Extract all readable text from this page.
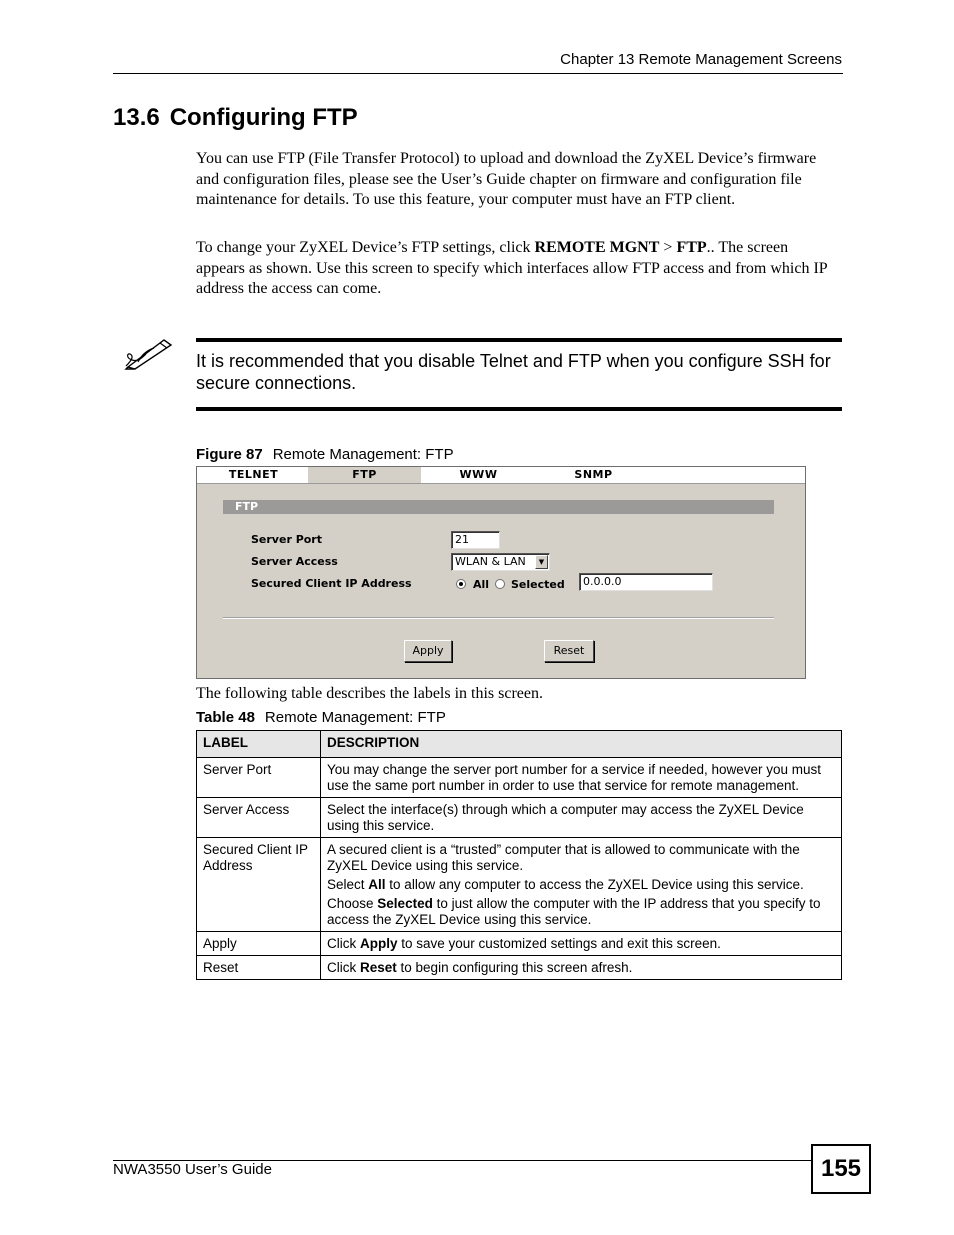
Chapter 13 Remote Management Screens
13.6 Configuring FTP

You can use FTP (File Transfer Protocol) to upload and download the ZyXEL Device’s firmware and configuration files, please see the User’s Guide chapter on firmware and configuration file maintenance for details. To use this feature, your computer must have an FTP client.

To change your ZyXEL Device’s FTP settings, click REMOTE MGNT > FTP.. The screen appears as shown. Use this screen to specify which interfaces allow FTP access and from which IP address the access can come.

It is recommended that you disable Telnet and FTP when you configure SSH for secure connections.

Figure 87 Remote Management: FTP
TELNET	FTP	WWW	SNMP
FTP
Server Port	21
Server Access	WLAN & LAN	▼
Secured Client IP Address	All Selected	0.0.0.0
Apply	Reset

The following table describes the labels in this screen.

Table 48 Remote Management: FTP
LABEL	DESCRIPTION
Server Port	You may change the server port number for a service if needed, however you must use the same port number in order to use that service for remote management.
Server Access	Select the interface(s) through which a computer may access the ZyXEL Device using this service.
Secured Client IP Address	A secured client is a “trusted” computer that is allowed to communicate with the ZyXEL Device using this service.

Select All to allow any computer to access the ZyXEL Device using this service.

Choose Selected to just allow the computer with the IP address that you specify to access the ZyXEL Device using this service.

Apply	Click Apply to save your customized settings and exit this screen.
Reset	Click Reset to begin configuring this screen afresh.
NWA3550 User’s Guide	155
